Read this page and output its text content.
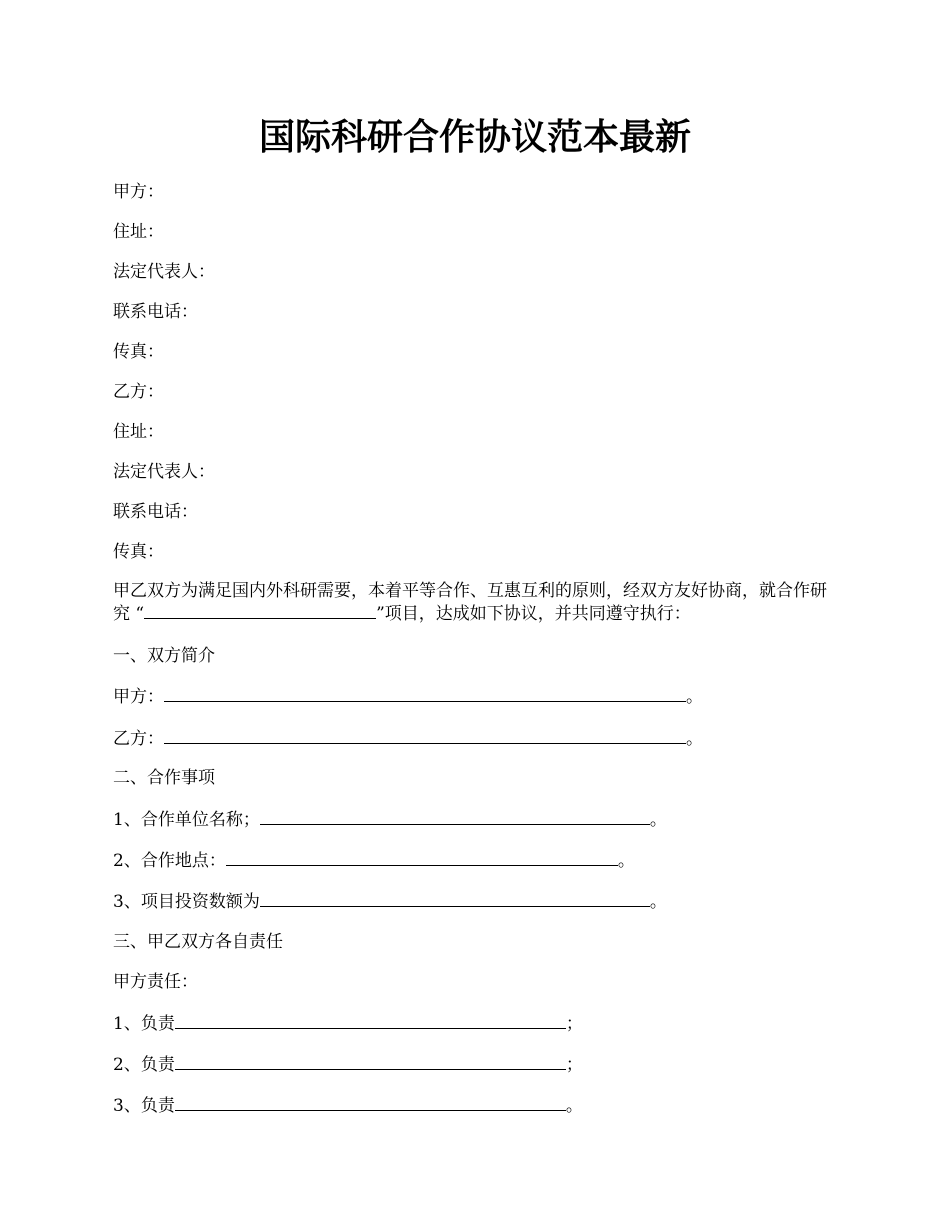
国际科研合作协议范本最新
甲方：
住址：
法定代表人：
联系电话：
传真：
乙方：
住址：
法定代表人：
联系电话：
传真：
甲乙双方为满足国内外科研需要，本着平等合作、互惠互利的原则，经双方友好协商，就合作研究 “	”项目，达成如下协议，并共同遵守执行：
一、双方简介
甲方：	。
乙方：	。
二、合作事项
1、合作单位名称；	。
2、合作地点：	。
3、项目投资数额为	。
三、甲乙双方各自责任
甲方责任：
1、负责	；
2、负责	；
3、负责	。
